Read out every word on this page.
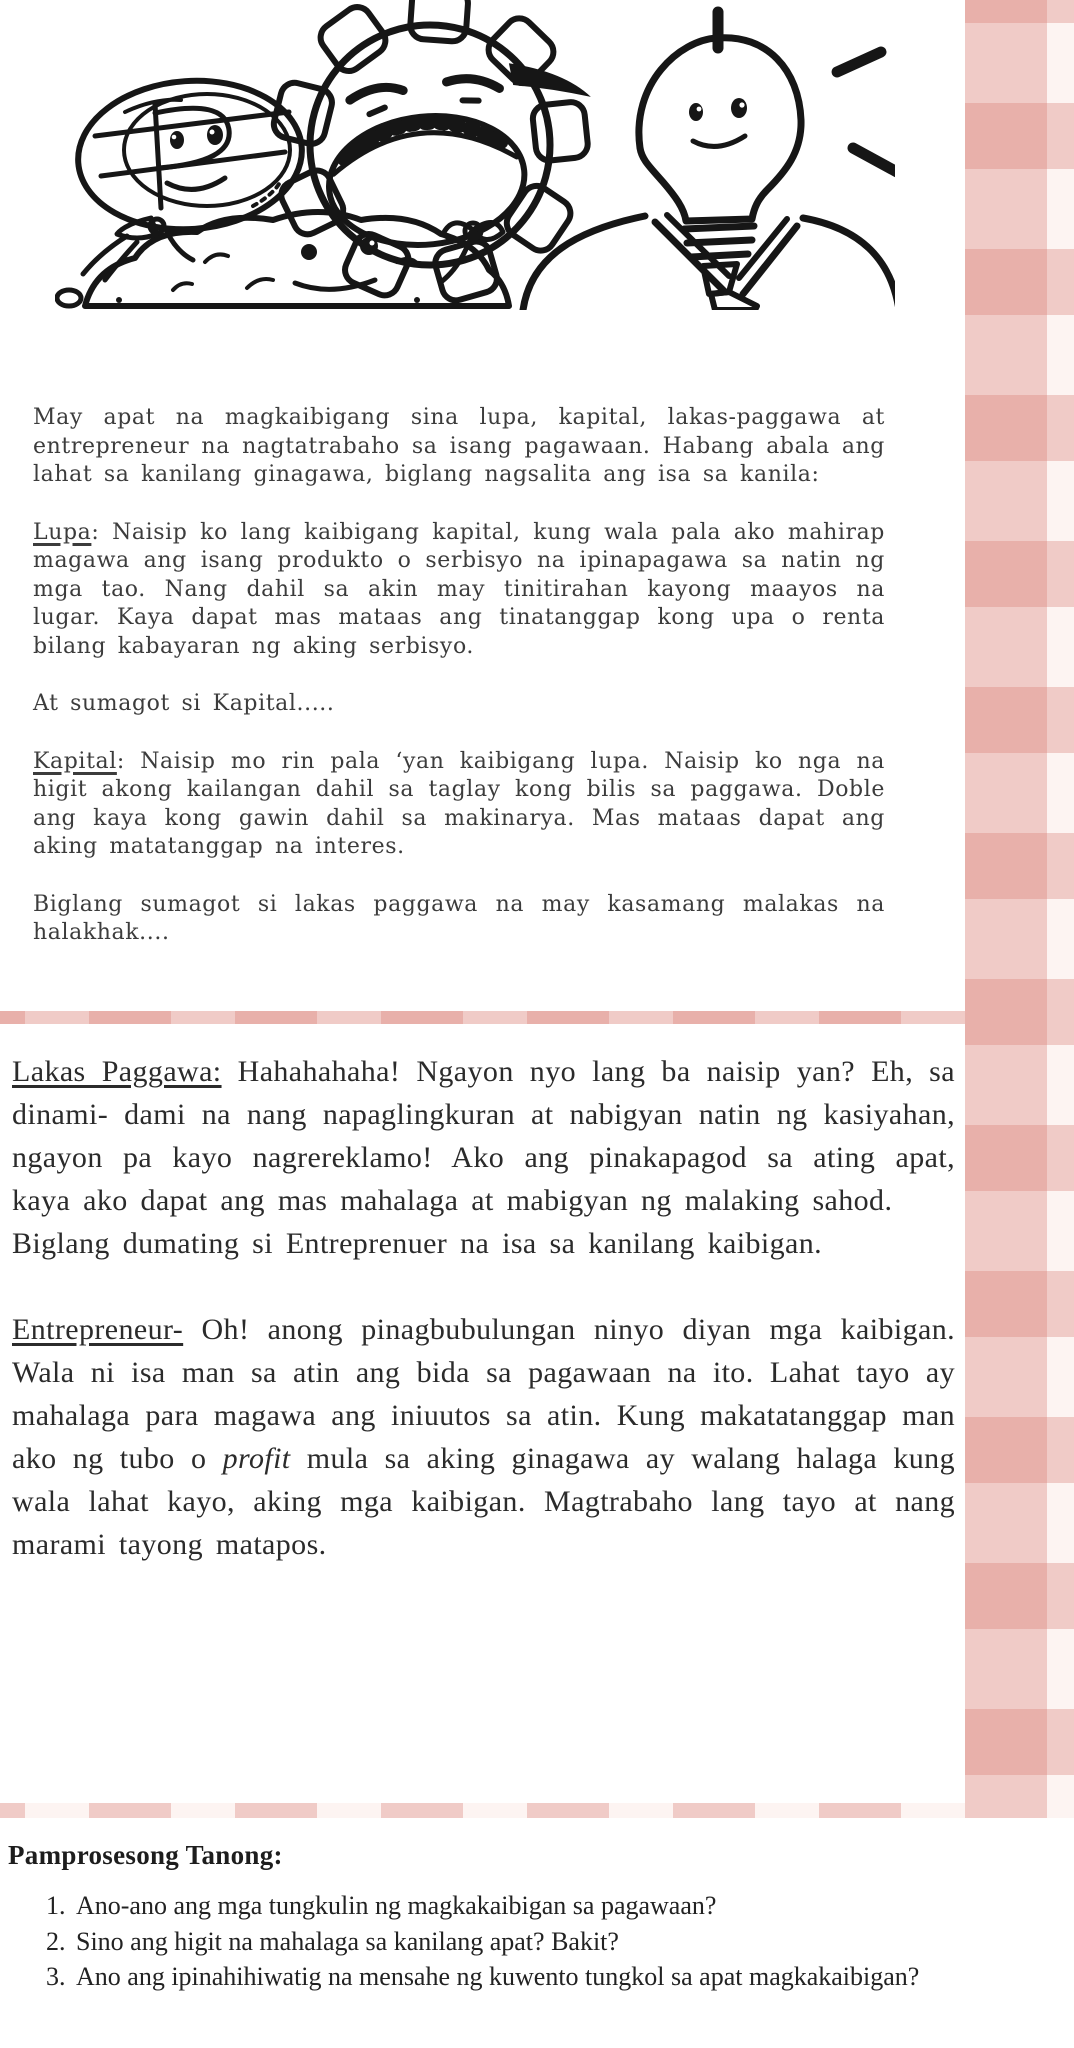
May apat na magkaibigang sina lupa, kapital, lakas-paggawa at entrepreneur na nagtatrabaho sa isang pagawaan. Habang abala ang lahat sa kanilang ginagawa, biglang nagsalita ang isa sa kanila:

Lupa: Naisip ko lang kaibigang kapital, kung wala pala ako mahirap magawa ang isang produkto o serbisyo na ipinapagawa sa natin ng mga tao. Nang dahil sa akin may tinitirahan kayong maayos na lugar. Kaya dapat mas mataas ang tinatanggap kong upa o renta bilang kabayaran ng aking serbisyo.

At sumagot si Kapital.....

Kapital: Naisip mo rin pala ‘yan kaibigang lupa. Naisip ko nga na higit akong kailangan dahil sa taglay kong bilis sa paggawa. Doble ang kaya kong gawin dahil sa makinarya. Mas mataas dapat ang aking matatanggap na interes.

Biglang sumagot si lakas paggawa na may kasamang malakas na halakhak....

Lakas Paggawa: Hahahahaha! Ngayon nyo lang ba naisip yan? Eh, sa dinami- dami na nang napaglingkuran at nabigyan natin ng kasiyahan, ngayon pa kayo nagrereklamo! Ako ang pinakapagod sa ating apat, kaya ako dapat ang mas mahalaga at mabigyan ng malaking sahod.

Biglang dumating si Entreprenuer na isa sa kanilang kaibigan.

Entrepreneur- Oh! anong pinagbubulungan ninyo diyan mga kaibigan. Wala ni isa man sa atin ang bida sa pagawaan na ito. Lahat tayo ay mahalaga para magawa ang iniuutos sa atin. Kung makatatanggap man ako ng tubo o profit mula sa aking ginagawa ay walang halaga kung wala lahat kayo, aking mga kaibigan. Magtrabaho lang tayo at nang marami tayong matapos.

Pamprosesong Tanong:
1. Ano-ano ang mga tungkulin ng magkakaibigan sa pagawaan?
2. Sino ang higit na mahalaga sa kanilang apat? Bakit?
3. Ano ang ipinahihiwatig na mensahe ng kuwento tungkol sa apat magkakaibigan?
